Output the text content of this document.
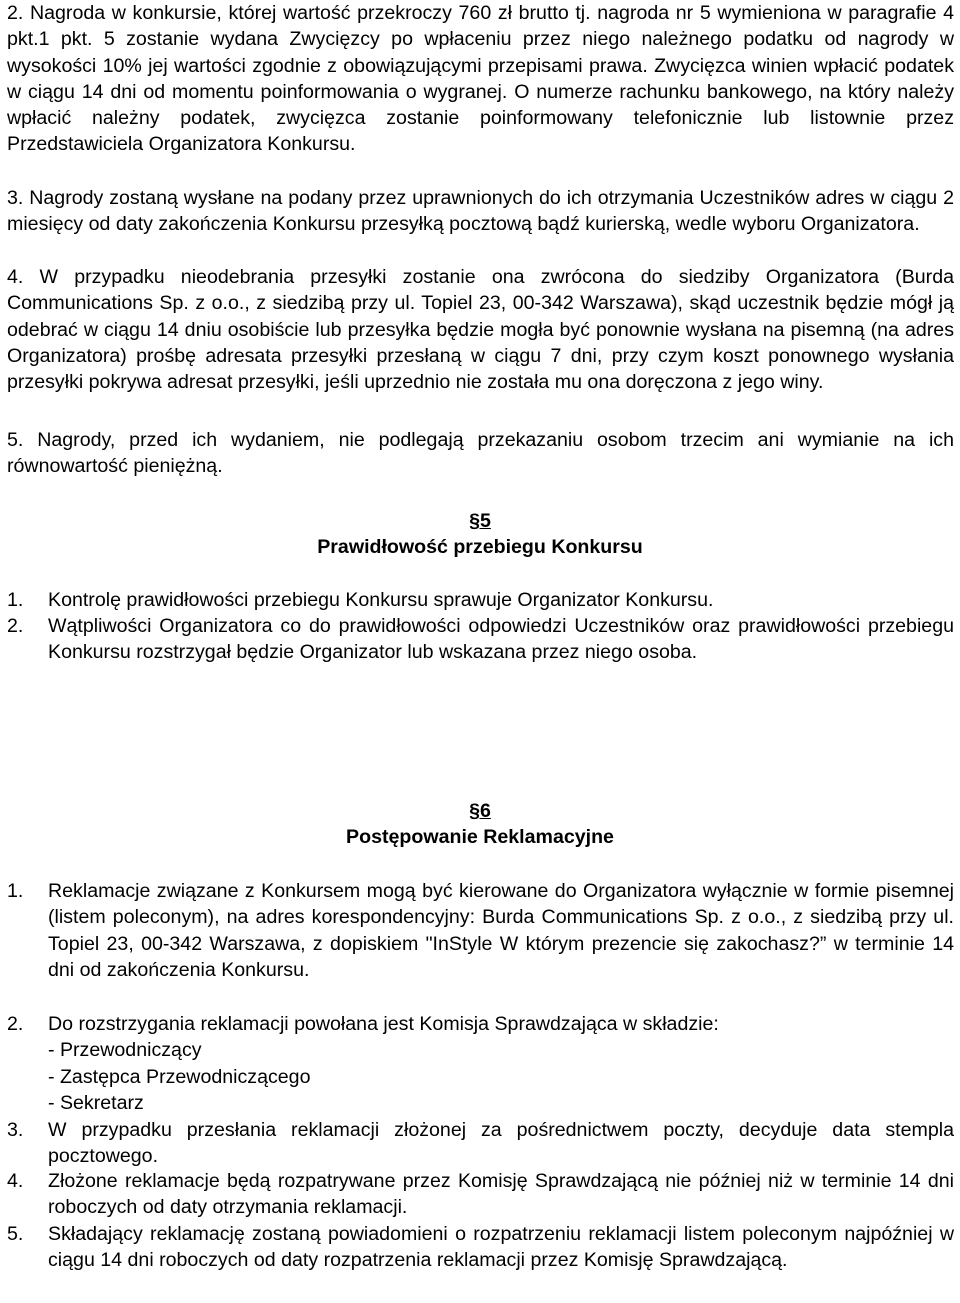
2. Nagroda w konkursie, której wartość przekroczy 760 zł brutto tj. nagroda nr 5 wymieniona w paragrafie 4 pkt.1 pkt. 5 zostanie wydana Zwycięzcy po wpłaceniu przez niego należnego podatku od nagrody w wysokości 10% jej wartości zgodnie z obowiązującymi przepisami prawa. Zwycięzca winien wpłacić podatek w ciągu 14 dni od momentu poinformowania o wygranej. O numerze rachunku bankowego, na który należy wpłacić należny podatek, zwycięzca zostanie poinformowany telefonicznie lub listownie przez Przedstawiciela Organizatora Konkursu.

3. Nagrody zostaną wysłane na podany przez uprawnionych do ich otrzymania Uczestników adres w ciągu 2 miesięcy od daty zakończenia Konkursu przesyłką pocztową bądź kurierską, wedle wyboru Organizatora.

4. W przypadku nieodebrania przesyłki zostanie ona zwrócona do siedziby Organizatora (Burda Communications Sp. z o.o., z siedzibą przy ul. Topiel 23, 00-342 Warszawa), skąd uczestnik będzie mógł ją odebrać w ciągu 14 dniu osobiście lub przesyłka będzie mogła być ponownie wysłana na pisemną (na adres Organizatora) prośbę adresata przesyłki przesłaną w ciągu 7 dni, przy czym koszt ponownego wysłania przesyłki pokrywa adresat przesyłki, jeśli uprzednio nie została mu ona doręczona z jego winy.

5. Nagrody, przed ich wydaniem, nie podlegają przekazaniu osobom trzecim ani wymianie na ich równowartość pieniężną.

§5
Prawidłowość przebiegu Konkursu
1. Kontrolę prawidłowości przebiegu Konkursu sprawuje Organizator Konkursu.
2. Wątpliwości Organizatora co do prawidłowości odpowiedzi Uczestników oraz prawidłowości przebiegu Konkursu rozstrzygał będzie Organizator lub wskazana przez niego osoba.
§6
Postępowanie Reklamacyjne
1. Reklamacje związane z Konkursem mogą być kierowane do Organizatora wyłącznie w formie pisemnej (listem poleconym), na adres korespondencyjny: Burda Communications Sp. z o.o., z siedzibą przy ul. Topiel 23, 00-342 Warszawa, z dopiskiem "InStyle W którym prezencie się zakochasz?” w terminie 14 dni od zakończenia Konkursu.
2. Do rozstrzygania reklamacji powołana jest Komisja Sprawdzająca w składzie:
- Przewodniczący
- Zastępca Przewodniczącego
- Sekretarz
3. W przypadku przesłania reklamacji złożonej za pośrednictwem poczty, decyduje data stempla pocztowego.
4. Złożone reklamacje będą rozpatrywane przez Komisję Sprawdzającą nie później niż w terminie 14 dni roboczych od daty otrzymania reklamacji.
5. Składający reklamację zostaną powiadomieni o rozpatrzeniu reklamacji listem poleconym najpóźniej w ciągu 14 dni roboczych od daty rozpatrzenia reklamacji przez Komisję Sprawdzającą.
